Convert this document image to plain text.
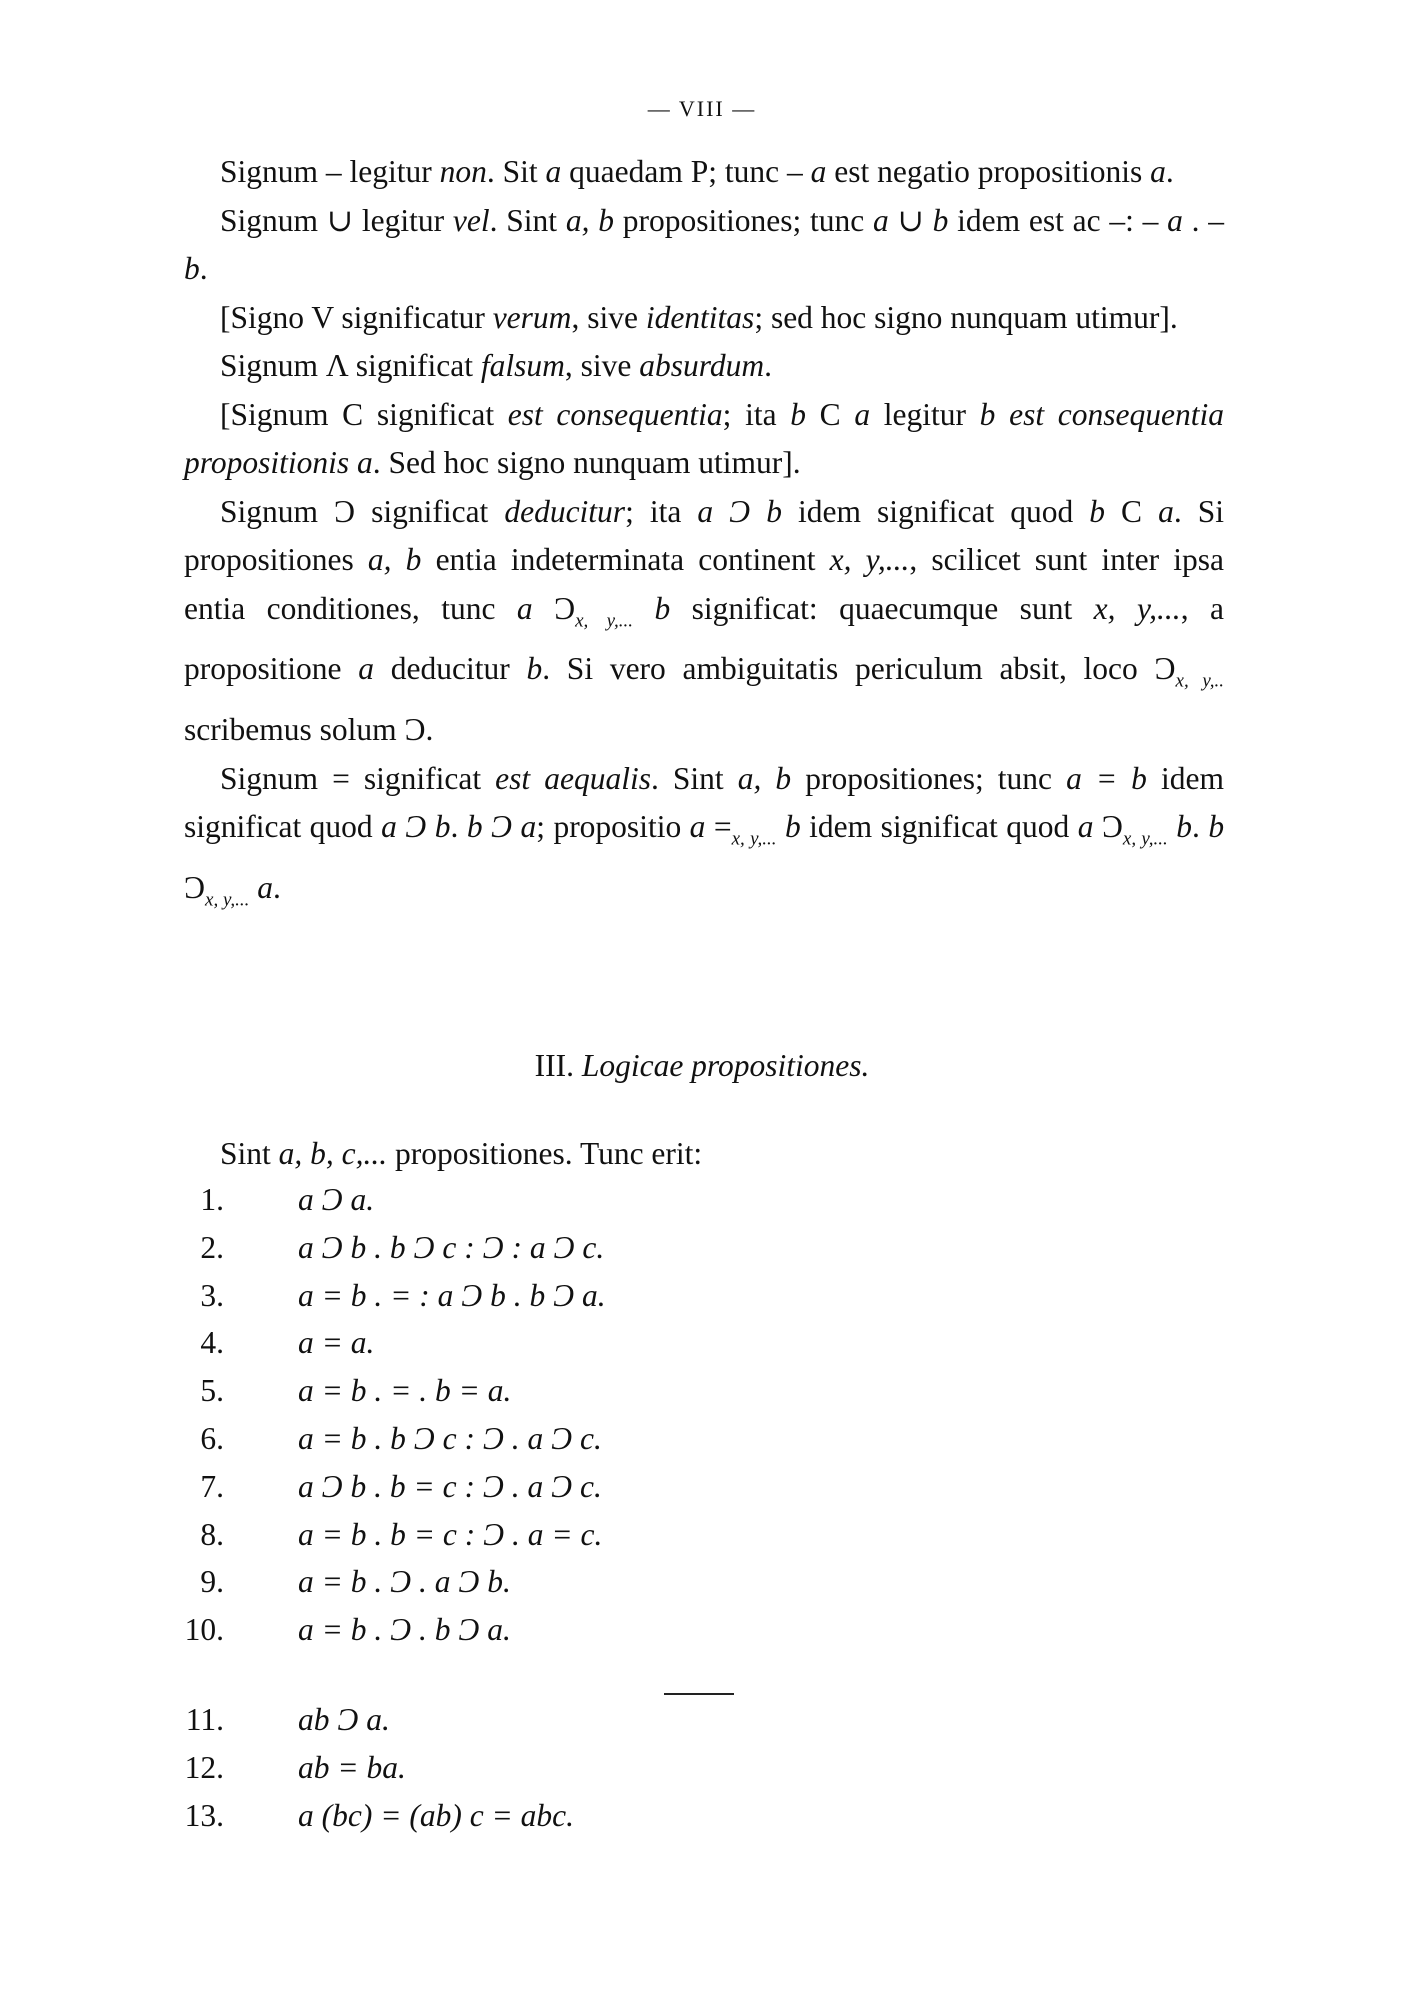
— VIII —

Signum – legitur non. Sit a quaedam P; tunc – a est negatio propositionis a.

Signum ∪ legitur vel. Sint a, b propositiones; tunc a ∪ b idem est ac –: – a . – b.

[Signo V significatur verum, sive identitas; sed hoc signo nunquam utimur].

Signum Λ significat falsum, sive absurdum.

[Signum C significat est consequentia; ita b C a legitur b est consequentia propositionis a. Sed hoc signo nunquam utimur].

Signum Ɔ significat deducitur; ita a Ɔ b idem significat quod b C a. Si propositiones a, b entia indeterminata continent x, y,..., scilicet sunt inter ipsa entia conditiones, tunc a $Ɔ_{x, y,...}$ b significat: quaecumque sunt x, y,..., a propositione a deducitur b. Si vero ambiguitatis periculum absit, loco $Ɔ_{x, y,..}$ scribemus solum Ɔ.

Signum = significat est aequalis. Sint a, b propositiones; tunc a = b idem significat quod a Ɔ b. b Ɔ a; propositio $a =_{x, y,...}$ b idem significat quod a $Ɔ_{x, y,...}$ b. b $Ɔ_{x, y,...}$ a.

III. Logicae propositiones.
Sint a, b, c,... propositiones. Tunc erit:
1. a Ɔ a.
2. a Ɔ b . b Ɔ c : Ɔ : a Ɔ c.
3. a = b . = : a Ɔ b . b Ɔ a.
4. a = a.
5. a = b . = . b = a.
6. a = b . b Ɔ c : Ɔ . a Ɔ c.
7. a Ɔ b . b = c : Ɔ . a Ɔ c.
8. a = b . b = c : Ɔ . a = c.
9. a = b . Ɔ . a Ɔ b.
10. a = b . Ɔ . b Ɔ a.
11. ab Ɔ a.
12. ab = ba.
13. a (bc) = (ab) c = abc.
